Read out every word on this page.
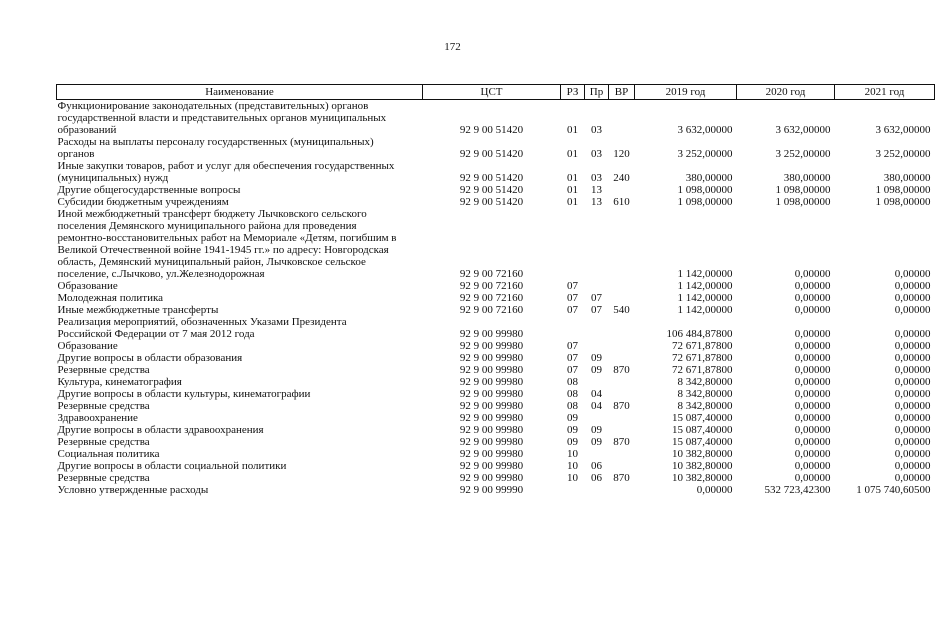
172
Наименование	ЦСТ	РЗ	Пр	ВР	2019 год	2020 год	2021 год
Функционирование законодательных (представительных) органов государственной власти и представительных органов муниципальных образований	92 9 00 51420	01	03		3 632,00000	3 632,00000	3 632,00000
Расходы на выплаты персоналу государственных (муниципальных) органов	92 9 00 51420	01	03	120	3 252,00000	3 252,00000	3 252,00000
Иные закупки товаров, работ и услуг для обеспечения государственных (муниципальных) нужд	92 9 00 51420	01	03	240	380,00000	380,00000	380,00000
Другие общегосударственные вопросы	92 9 00 51420	01	13		1 098,00000	1 098,00000	1 098,00000
Субсидии бюджетным учреждениям	92 9 00 51420	01	13	610	1 098,00000	1 098,00000	1 098,00000
Иной межбюджетный трансферт бюджету Лычковского сельского поселения Демянского муниципального района для проведения ремонтно-восстановительных работ на Мемориале «Детям, погибшим в Великой Отечественной войне 1941-1945 гг.» по адресу: Новгородская область, Демянский муниципальный район, Лычковское сельское поселение, с.Лычково, ул.Железнодорожная	92 9 00 72160				1 142,00000	0,00000	0,00000
Образование	92 9 00 72160	07			1 142,00000	0,00000	0,00000
Молодежная политика	92 9 00 72160	07	07		1 142,00000	0,00000	0,00000
Иные межбюджетные трансферты	92 9 00 72160	07	07	540	1 142,00000	0,00000	0,00000
Реализация мероприятий, обозначенных Указами Президента Российской Федерации от 7 мая 2012 года	92 9 00 99980				106 484,87800	0,00000	0,00000
Образование	92 9 00 99980	07			72 671,87800	0,00000	0,00000
Другие вопросы в области образования	92 9 00 99980	07	09		72 671,87800	0,00000	0,00000
Резервные средства	92 9 00 99980	07	09	870	72 671,87800	0,00000	0,00000
Культура, кинематография	92 9 00 99980	08			8 342,80000	0,00000	0,00000
Другие вопросы в области культуры, кинематографии	92 9 00 99980	08	04		8 342,80000	0,00000	0,00000
Резервные средства	92 9 00 99980	08	04	870	8 342,80000	0,00000	0,00000
Здравоохранение	92 9 00 99980	09			15 087,40000	0,00000	0,00000
Другие вопросы в области здравоохранения	92 9 00 99980	09	09		15 087,40000	0,00000	0,00000
Резервные средства	92 9 00 99980	09	09	870	15 087,40000	0,00000	0,00000
Социальная политика	92 9 00 99980	10			10 382,80000	0,00000	0,00000
Другие вопросы в области социальной политики	92 9 00 99980	10	06		10 382,80000	0,00000	0,00000
Резервные средства	92 9 00 99980	10	06	870	10 382,80000	0,00000	0,00000
Условно утвержденные расходы	92 9 00 99990				0,00000	532 723,42300	1 075 740,60500
